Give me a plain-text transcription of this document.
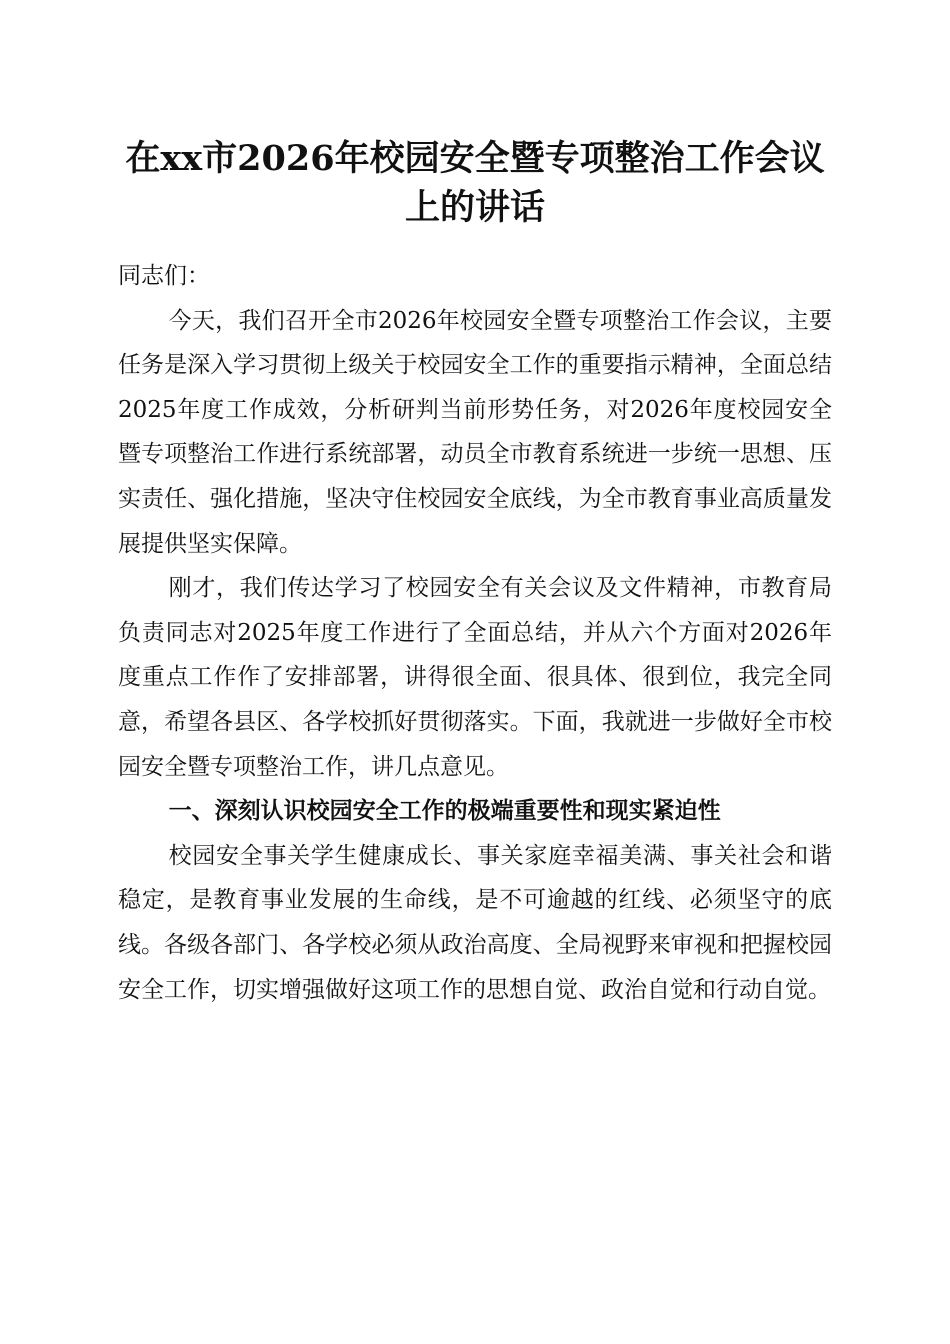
在xx市2026年校园安全暨专项整治工作会议
上的讲话

同志们：

今天，我们召开全市2026年校园安全暨专项整治工作会议，主要任务是深入学习贯彻上级关于校园安全工作的重要指示精神，全面总结2025年度工作成效，分析研判当前形势任务，对2026年度校园安全暨专项整治工作进行系统部署，动员全市教育系统进一步统一思想、压实责任、强化措施，坚决守住校园安全底线，为全市教育事业高质量发展提供坚实保障。

刚才，我们传达学习了校园安全有关会议及文件精神，市教育局负责同志对2025年度工作进行了全面总结，并从六个方面对2026年度重点工作作了安排部署，讲得很全面、很具体、很到位，我完全同意，希望各县区、各学校抓好贯彻落实。下面，我就进一步做好全市校园安全暨专项整治工作，讲几点意见。

一、深刻认识校园安全工作的极端重要性和现实紧迫性

校园安全事关学生健康成长、事关家庭幸福美满、事关社会和谐稳定，是教育事业发展的生命线，是不可逾越的红线、必须坚守的底线。各级各部门、各学校必须从政治高度、全局视野来审视和把握校园安全工作，切实增强做好这项工作的思想自觉、政治自觉和行动自觉。
